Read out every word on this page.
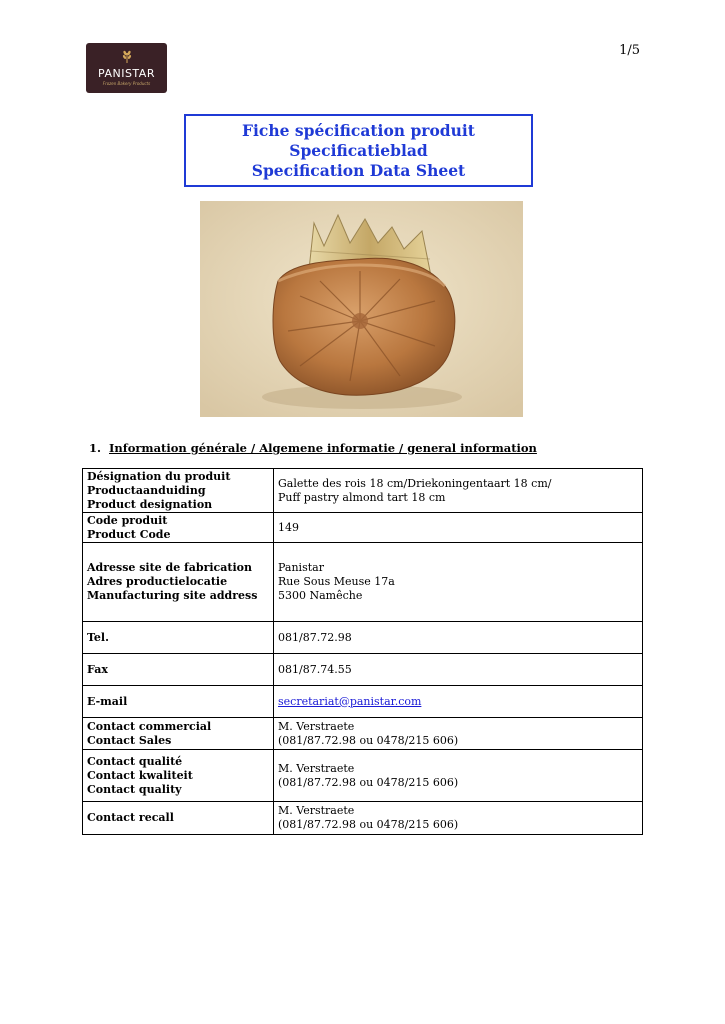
PANISTAR
Frozen Bakery Products
1/5
Fiche spécification produit
Specificatieblad
Specification Data Sheet
1. Information générale / Algemene informatie / general information
Désignation du produit
Productaanduiding
Product designation	Galette des rois 18 cm/Driekoningentaart 18 cm/
Puff pastry almond tart 18 cm

Code produit
Product Code	149

Adresse site de fabrication
Adres productielocatie
Manufacturing site address	Panistar
Rue Sous Meuse 17a
5300 Namêche

Tel.	081/87.72.98

Fax	081/87.74.55

E-mail	secretariat@panistar.com

Contact commercial
Contact Sales	M. Verstraete
(081/87.72.98 ou 0478/215 606)

Contact qualité
Contact kwaliteit
Contact quality	M. Verstraete
(081/87.72.98 ou 0478/215 606)

Contact recall	M. Verstraete
(081/87.72.98 ou 0478/215 606)
